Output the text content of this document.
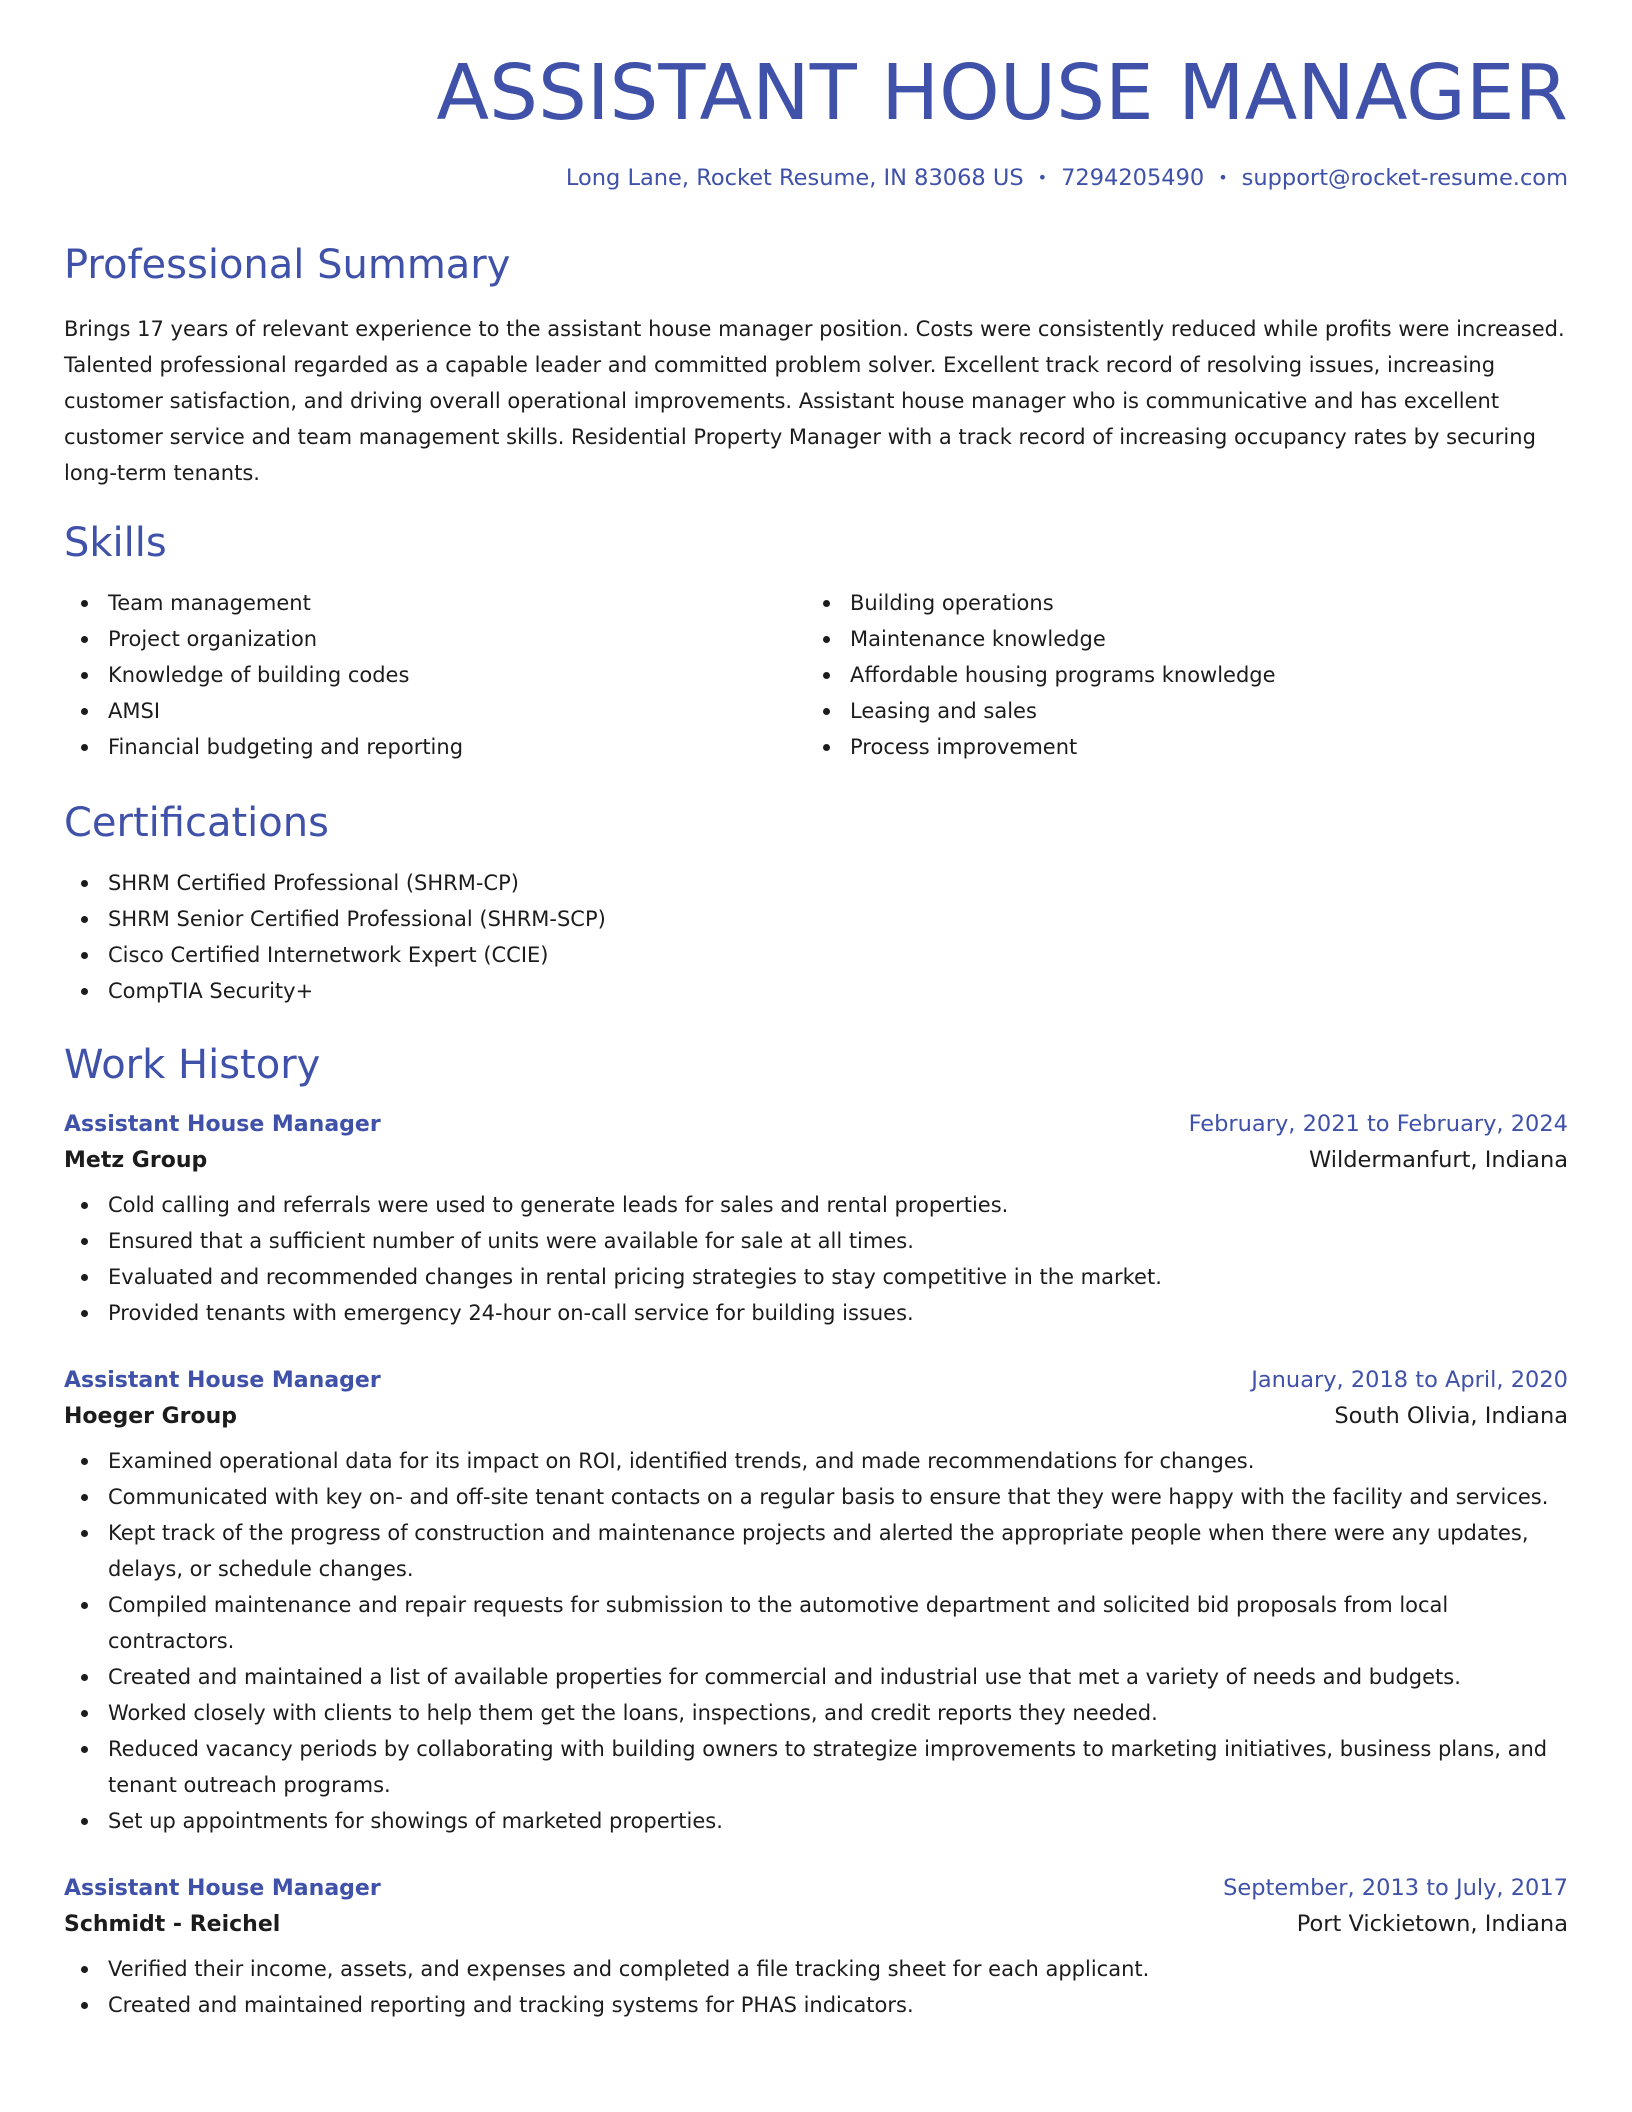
ASSISTANT HOUSE MANAGER
Long Lane, Rocket Resume, IN 83068 US • 7294205490 • support@rocket-resume.com
Professional Summary

Brings 17 years of relevant experience to the assistant house manager position. Costs were consistently reduced while profits were increased. Talented professional regarded as a capable leader and committed problem solver. Excellent track record of resolving issues, increasing customer satisfaction, and driving overall operational improvements. Assistant house manager who is communicative and has excellent customer service and team management skills. Residential Property Manager with a track record of increasing occupancy rates by securing long-term tenants.

Skills
Team management
Project organization
Knowledge of building codes
AMSI
Financial budgeting and reporting
Building operations
Maintenance knowledge
Affordable housing programs knowledge
Leasing and sales
Process improvement
Certifications
SHRM Certified Professional (SHRM-CP)
SHRM Senior Certified Professional (SHRM-SCP)
Cisco Certified Internetwork Expert (CCIE)
CompTIA Security+
Work History
Assistant House Manager	February, 2021 to February, 2024
Metz Group	Wildermanfurt, Indiana
Cold calling and referrals were used to generate leads for sales and rental properties.
Ensured that a sufficient number of units were available for sale at all times.
Evaluated and recommended changes in rental pricing strategies to stay competitive in the market.
Provided tenants with emergency 24-hour on-call service for building issues.
Assistant House Manager	January, 2018 to April, 2020
Hoeger Group	South Olivia, Indiana
Examined operational data for its impact on ROI, identified trends, and made recommendations for changes.
Communicated with key on- and off-site tenant contacts on a regular basis to ensure that they were happy with the facility and services.
Kept track of the progress of construction and maintenance projects and alerted the appropriate people when there were any updates, delays, or schedule changes.
Compiled maintenance and repair requests for submission to the automotive department and solicited bid proposals from local contractors.
Created and maintained a list of available properties for commercial and industrial use that met a variety of needs and budgets.
Worked closely with clients to help them get the loans, inspections, and credit reports they needed.
Reduced vacancy periods by collaborating with building owners to strategize improvements to marketing initiatives, business plans, and tenant outreach programs.
Set up appointments for showings of marketed properties.
Assistant House Manager	September, 2013 to July, 2017
Schmidt - Reichel	Port Vickietown, Indiana
Verified their income, assets, and expenses and completed a file tracking sheet for each applicant.
Created and maintained reporting and tracking systems for PHAS indicators.
